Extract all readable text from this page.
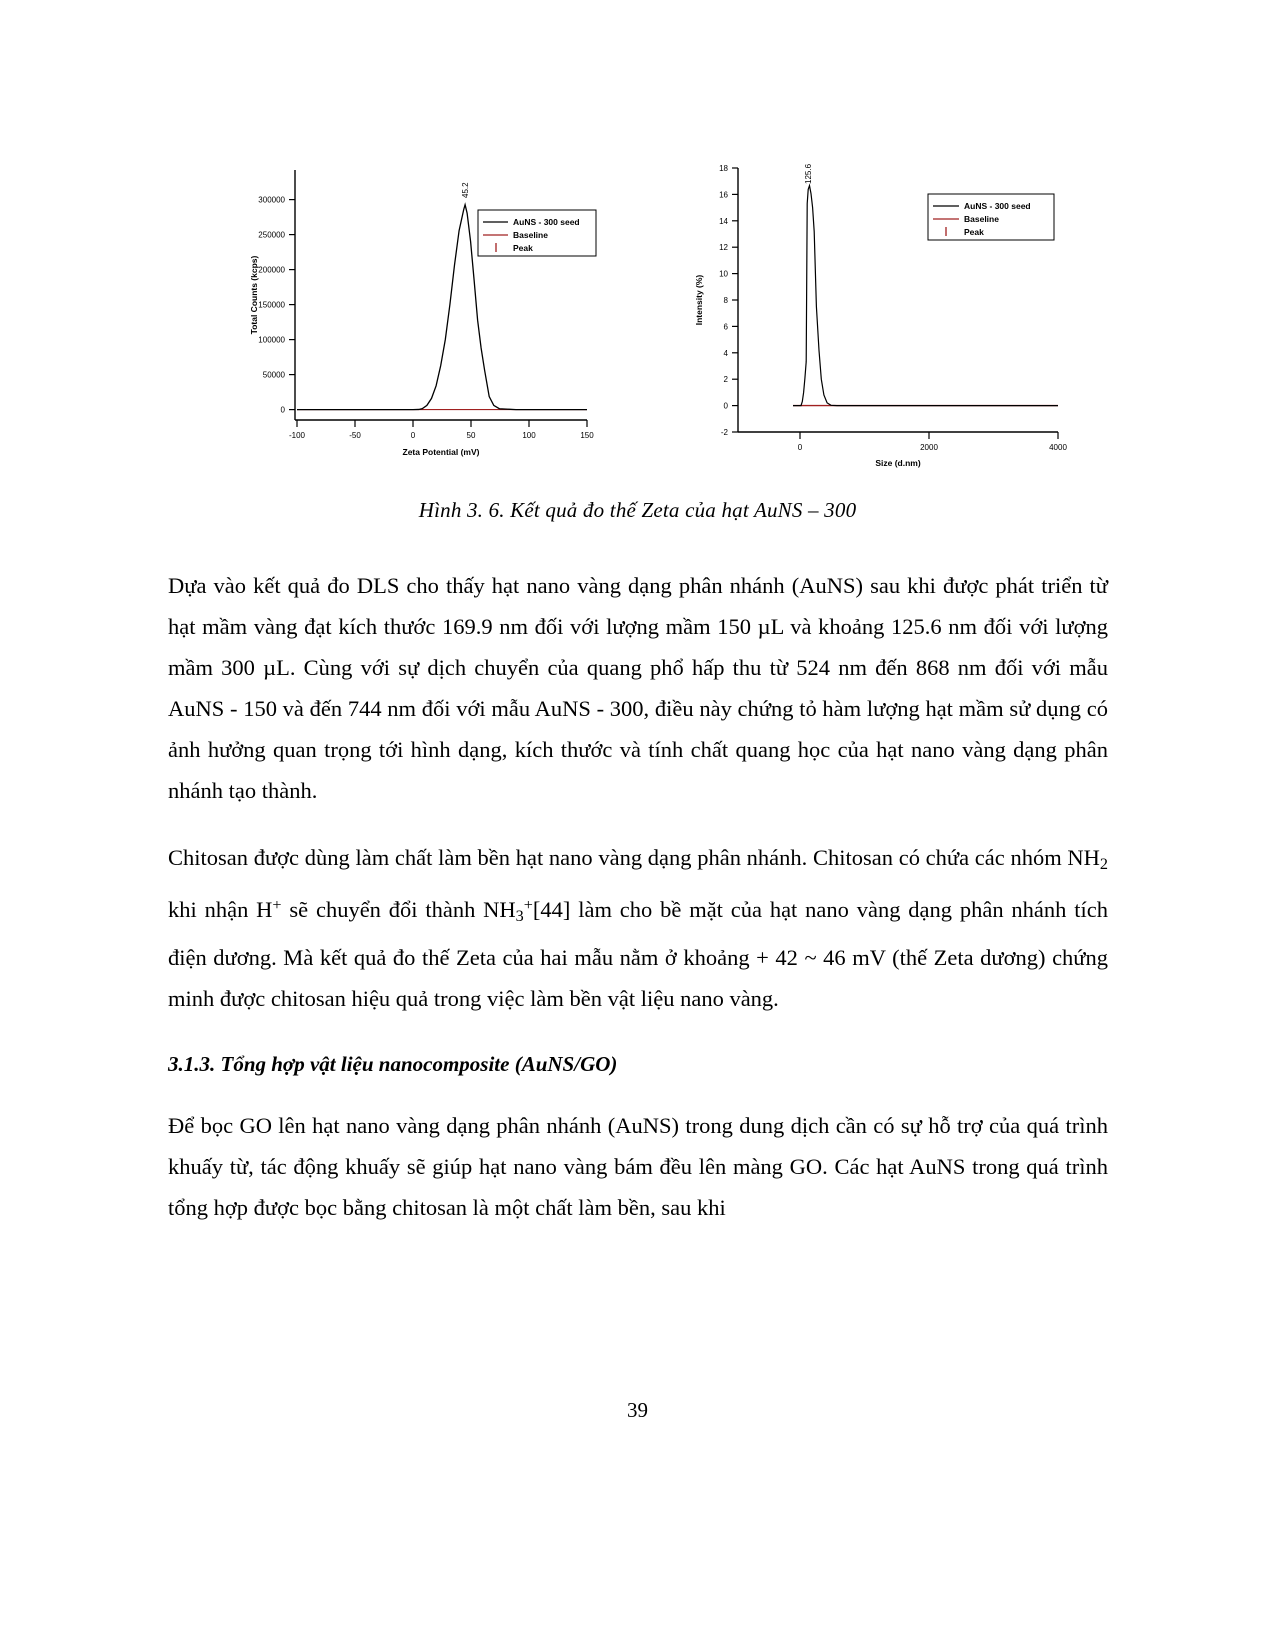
0
50000
100000
150000
200000
250000
300000
-100	-50	0	50	100	150
Total Counts (kcps)
Zeta Potential (mV)
45.2
AuNS - 300 seed
Baseline
Peak
18
16
14
12
10
8
6
4
2
0
-2
0	2000	4000
Intensity (%)
Size (d.nm)
125.6
AuNS - 300 seed
Baseline
Peak
Hình 3. 6. Kết quả đo thế Zeta của hạt AuNS – 300

Dựa vào kết quả đo DLS cho thấy hạt nano vàng dạng phân nhánh (AuNS) sau khi được phát triển từ hạt mầm vàng đạt kích thước 169.9 nm đối với lượng mầm 150 µL và khoảng 125.6 nm đối với lượng mầm 300 µL. Cùng với sự dịch chuyển của quang phổ hấp thu từ 524 nm đến 868 nm đối với mẫu AuNS - 150 và đến 744 nm đối với mẫu AuNS - 300, điều này chứng tỏ hàm lượng hạt mầm sử dụng có ảnh hưởng quan trọng tới hình dạng, kích thước và tính chất quang học của hạt nano vàng dạng phân nhánh tạo thành.

Chitosan được dùng làm chất làm bền hạt nano vàng dạng phân nhánh. Chitosan có chứa các nhóm $NH_2$ khi nhận H+ sẽ chuyển đổi thành $NH_3^+[44]$ làm cho bề mặt của hạt nano vàng dạng phân nhánh tích điện dương. Mà kết quả đo thế Zeta của hai mẫu nằm ở khoảng + 42 ~ 46 mV (thế Zeta dương) chứng minh được chitosan hiệu quả trong việc làm bền vật liệu nano vàng.

3.1.3. Tổng hợp vật liệu nanocomposite (AuNS/GO)

Để bọc GO lên hạt nano vàng dạng phân nhánh (AuNS) trong dung dịch cần có sự hỗ trợ của quá trình khuấy từ, tác động khuấy sẽ giúp hạt nano vàng bám đều lên màng GO. Các hạt AuNS trong quá trình tổng hợp được bọc bằng chitosan là một chất làm bền, sau khi

39
